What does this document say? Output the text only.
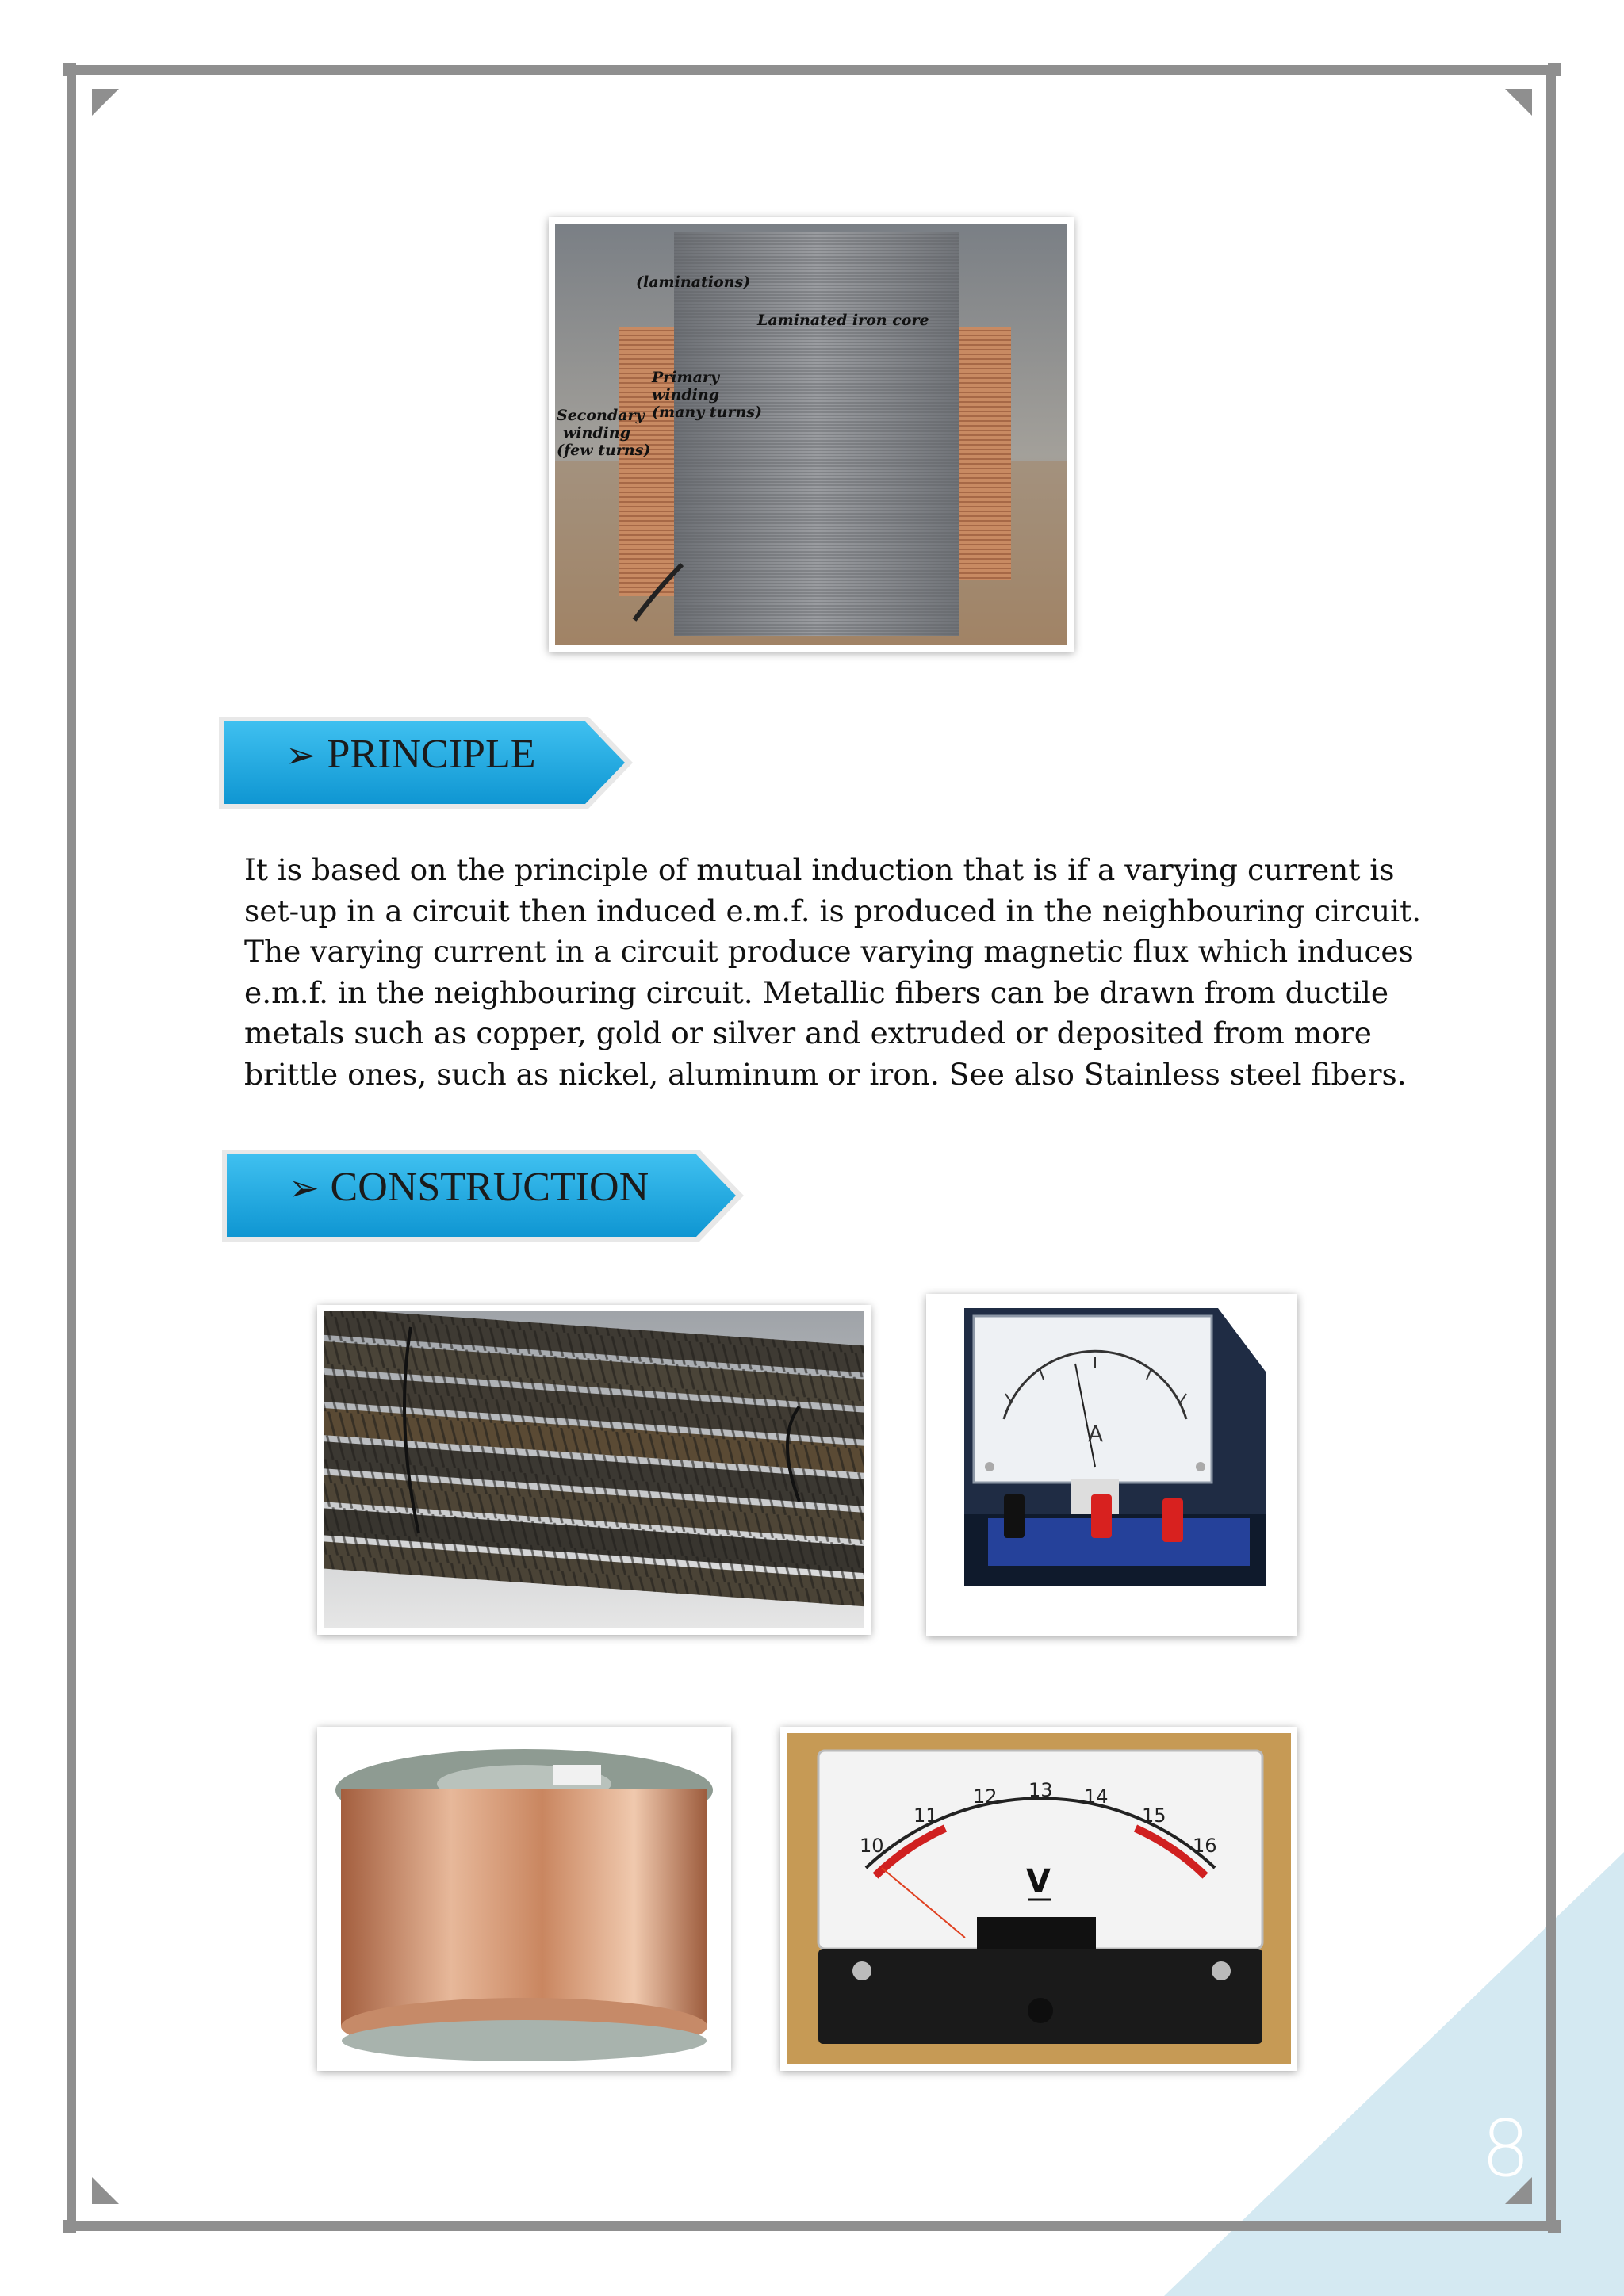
(laminations)
Laminated iron core
Primary
winding
(many turns)
Secondary
winding
(few turns)
➢ PRINCIPLE

It is based on the principle of mutual induction that is if a varying current is set-up in a circuit then induced e.m.f. is produced in the neighbouring circuit. The varying current in a circuit produce varying magnetic flux which induces e.m.f. in the neighbouring circuit. Metallic fibers can be drawn from ductile metals such as copper, gold or silver and extruded or deposited from more brittle ones, such as nickel, aluminum or iron. See also Stainless steel fibers.

➢ CONSTRUCTION
A
10
11
12 13 14
15
16
V
8
